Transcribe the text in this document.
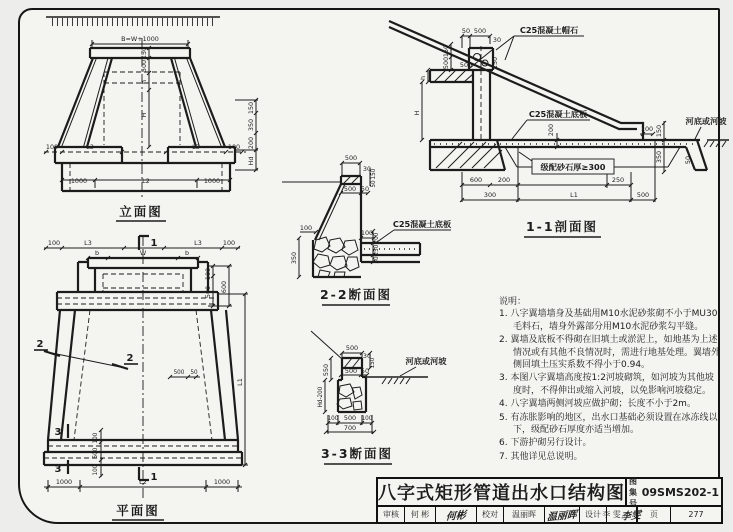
B=W+1000
150
500
h
H
100	L3	L3	100
150
350
200
Hd
1000	L2	1000
立面图
1
1
2
2
3
3
100	L3
b	W	b
L3	100
100
500 600
L1
500 50
100
500
100
1000	L2	1000
平面图
50 500
30
150
500 500	150
h
H
200	150
100
350	50
600 200	250
300	L1	500
C25混凝土帽石
C25混凝土底板
级配砂石厚≥300
河底或河坡
1-1剖面图
500
30 150
50
500 50
100
100 200
250
50
350
C25混凝土底板
2-2断面图
500
30
150
500 50
550
Hd-200
100 500 100
700
河底或河坡
3-3断面图
说明：
1. 八字翼墙墙身及基础用M10水泥砂浆砌不小于MU30毛料石，墙身外露部分用M10水泥砂浆勾平缝。
2. 翼墙及底板不得砌在旧填土或淤泥上，如地基为上述情况或有其他不良情况时，需进行地基处理。翼墙外侧回填土压实系数不得小于0.94。
3. 本图八字翼墙高度按1:2河坡砌筑，如河坡为其他坡度时，不得伸出或缩入河坡，以免影响河坡稳定。
4. 八字翼墙两侧河坡应做护砌；长度不小于2m。
5. 有冻胀影响的地区，出水口基础必须设置在冰冻线以下，级配砂石厚度亦适当增加。
6. 下游护砌另行设计。
7. 其他详见总说明。
八字式矩形管道出水口结构图
图集号
09SMS202-1
审核	何 彬	何彬	校对	温丽晖	温丽晖 设计 李 雯 李雯	页	277
